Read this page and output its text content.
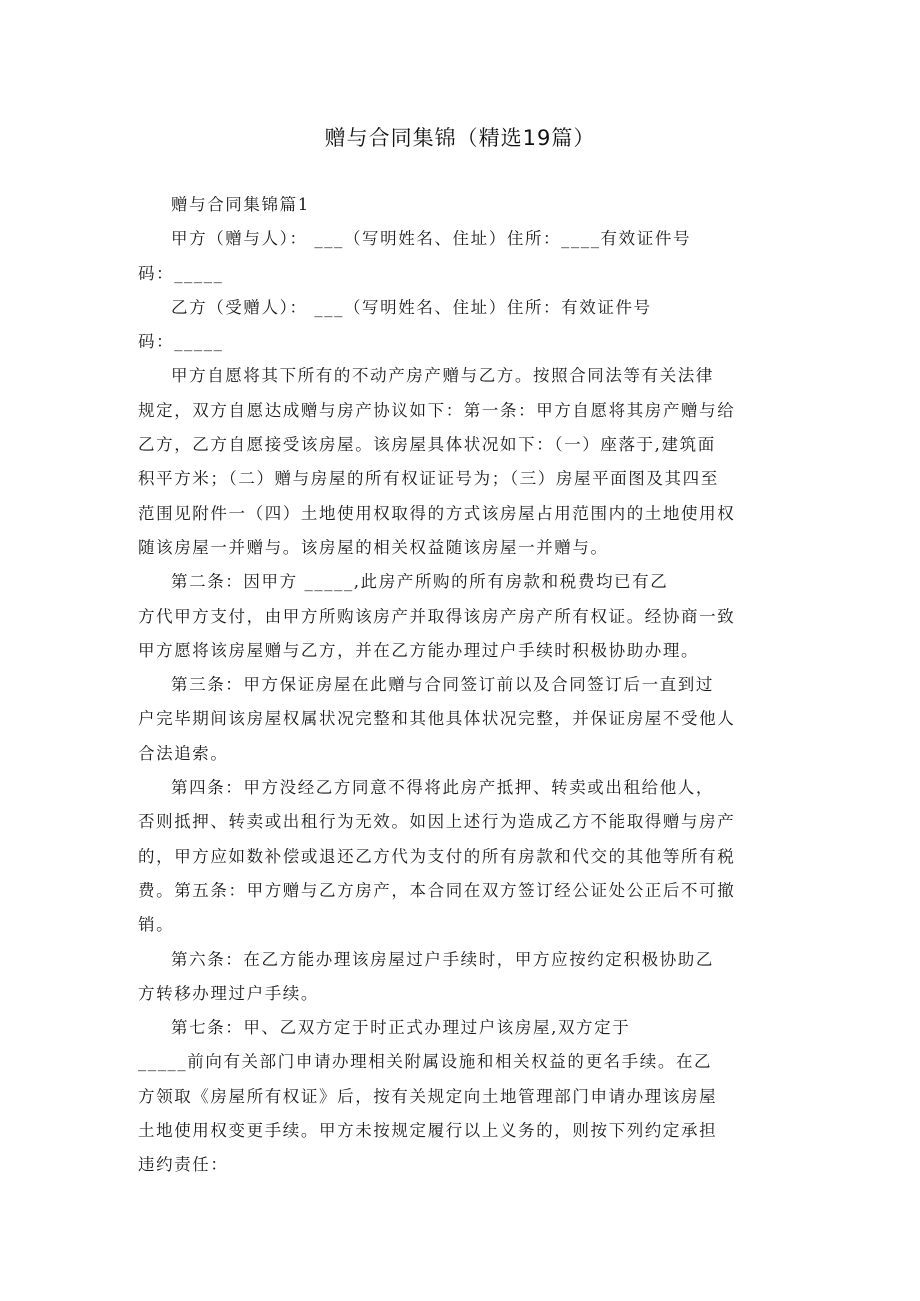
赠与合同集锦（精选19篇）
赠与合同集锦篇1
甲方（赠与人）： ___（写明姓名、住址）住所：____有效证件号
码：_____
乙方（受赠人）： ___（写明姓名、住址）住所：有效证件号
码：_____
甲方自愿将其下所有的不动产房产赠与乙方。按照合同法等有关法律
规定，双方自愿达成赠与房产协议如下：第一条：甲方自愿将其房产赠与给
乙方，乙方自愿接受该房屋。该房屋具体状况如下：（一）座落于,建筑面
积平方米；（二）赠与房屋的所有权证证号为；（三）房屋平面图及其四至
范围见附件一（四）土地使用权取得的方式该房屋占用范围内的土地使用权
随该房屋一并赠与。该房屋的相关权益随该房屋一并赠与。
第二条：因甲方 _____,此房产所购的所有房款和税费均已有乙
方代甲方支付，由甲方所购该房产并取得该房产房产所有权证。经协商一致
甲方愿将该房屋赠与乙方，并在乙方能办理过户手续时积极协助办理。
第三条：甲方保证房屋在此赠与合同签订前以及合同签订后一直到过
户完毕期间该房屋权属状况完整和其他具体状况完整，并保证房屋不受他人
合法追索。
第四条：甲方没经乙方同意不得将此房产抵押、转卖或出租给他人，
否则抵押、转卖或出租行为无效。如因上述行为造成乙方不能取得赠与房产
的，甲方应如数补偿或退还乙方代为支付的所有房款和代交的其他等所有税
费。第五条：甲方赠与乙方房产，本合同在双方签订经公证处公正后不可撤
销。
第六条：在乙方能办理该房屋过户手续时，甲方应按约定积极协助乙
方转移办理过户手续。
第七条：甲、乙双方定于时正式办理过户该房屋,双方定于
_____前向有关部门申请办理相关附属设施和相关权益的更名手续。在乙
方领取《房屋所有权证》后，按有关规定向土地管理部门申请办理该房屋
土地使用权变更手续。甲方未按规定履行以上义务的，则按下列约定承担
违约责任：
